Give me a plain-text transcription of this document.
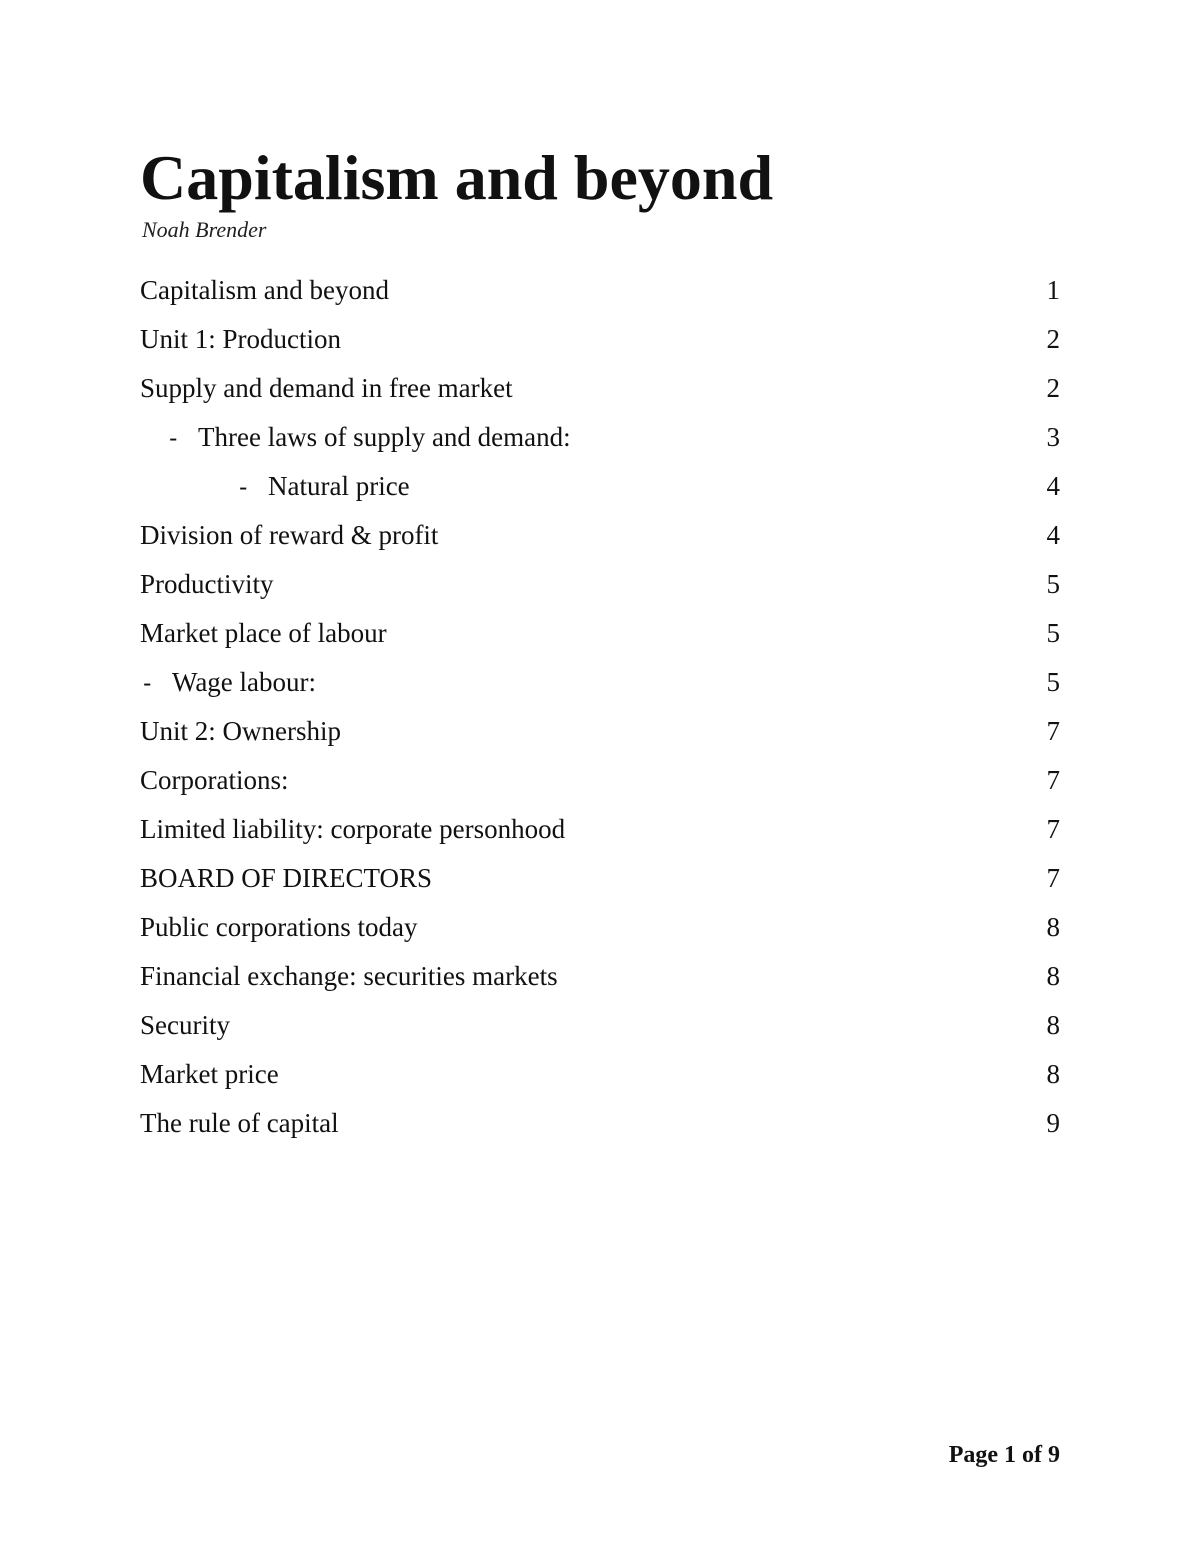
Capitalism and beyond
Noah Brender
Capitalism and beyond	1
Unit 1: Production	2
Supply and demand in free market	2
- Three laws of supply and demand:	3
- Natural price	4
Division of reward & profit	4
Productivity	5
Market place of labour	5
- Wage labour:	5
Unit 2: Ownership	7
Corporations:	7
Limited liability: corporate personhood	7
BOARD OF DIRECTORS	7
Public corporations today	8
Financial exchange: securities markets	8
Security	8
Market price	8
The rule of capital	9
Page 1 of 9
